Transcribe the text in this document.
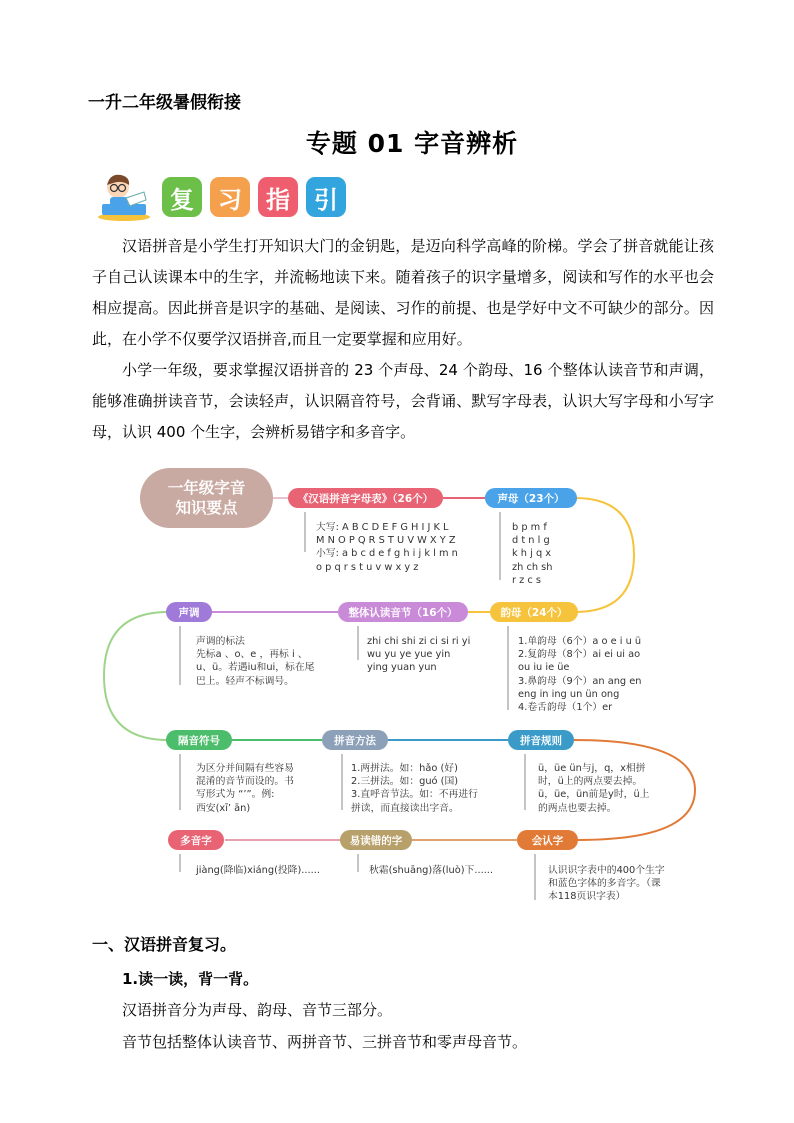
一升二年级暑假衔接
专题 01 字音辨析
复	习	指	引
汉语拼音是小学生打开知识大门的金钥匙，是迈向科学高峰的阶梯。学会了拼音就能让孩子自己认读课本中的生字，并流畅地读下来。随着孩子的识字量增多，阅读和写作的水平也会相应提高。因此拼音是识字的基础、是阅读、习作的前提、也是学好中文不可缺少的部分。因此，在小学不仅要学汉语拼音,而且一定要掌握和应用好。
小学一年级，要求掌握汉语拼音的 23 个声母、24 个韵母、16 个整体认读音节和声调，能够准确拼读音节，会读轻声，认识隔音符号，会背诵、默写字母表，认识大写字母和小写字母，认识 400 个生字，会辨析易错字和多音字。
一年级字音
知识要点
《汉语拼音字母表》（26个）
大写: A B C D E F G H I J K L
M N O P Q R S T U V W X Y Z
小写: a b c d e f g h i j k l m n
o p q r s t u v w x y z
声母（23个）
b p m f
d t n l g
k h j q x
zh ch sh
r z c s
韵母（24个）
1.单韵母（6个）a o e i u ü
2.复韵母（8个）ai ei ui ao
ou iu ie üe
3.鼻韵母（9个）an ang en
eng in ing un ün ong
4.卷舌韵母（1个）er
整体认读音节（16个）
zhi chi shi zi ci si ri yi
wu yu ye yue yin
ying yuan yun
声调
声调的标法
先标a 、o、e ，再标 i 、
u、ü。若遇iu和ui，标在尾
巴上。轻声不标调号。
隔音符号
为区分并间隔有些容易
混淆的音节而设的。书
写形式为 “’”。例:
西安(xī’ ān)
拼音方法
1.两拼法。如：hǎo (好)
2.三拼法。如：guó (国)
3.直呼音节法。如：不再进行
拼读，而直接读出字音。
拼音规则
ü，üe ün与j，q，x相拼
时，ü上的两点要去掉。
ü，üe，ün前是y时，ü上
的两点也要去掉。
多音字
jiàng(降临)xiáng(投降)......
易读错的字
秋霜(shuāng)落(luò)下......
会认字
认识识字表中的400个生字
和蓝色字体的多音字。（课
本118页识字表）
一、汉语拼音复习。
1.读一读，背一背。
汉语拼音分为声母、韵母、音节三部分。
音节包括整体认读音节、两拼音节、三拼音节和零声母音节。
